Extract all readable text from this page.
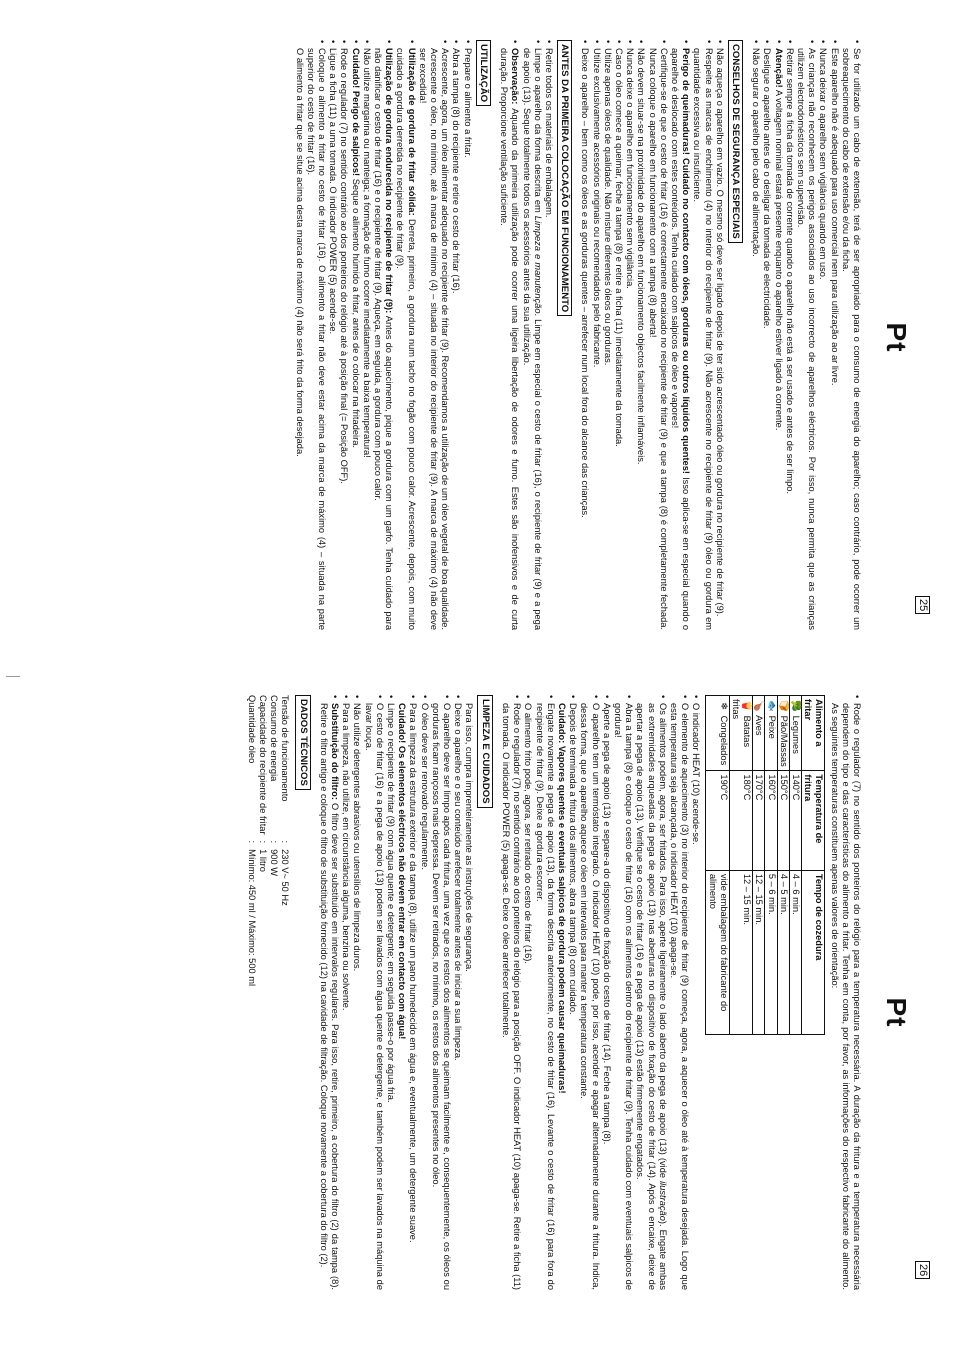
Pt
25
• Se for utilizado um cabo de extensão, terá de ser apropriado para o consumo de energia do aparelho; caso contrário, pode ocorrer um sobreaquecimento do cabo de extensão e/ou da ficha.
• Este aparelho não é adequado para uso comercial nem para utilização ao ar livre.
• Nunca deixar o aparelho sem vigilância quando em uso.
• As crianças não reconhecem os perigos associados ao uso incorrecto de aparelhos eléctricos. Por isso, nunca permita que as crianças utilizem electrodomésticos sem supervisão.
• Retirar sempre a ficha da tomada de corrente quando o aparelho não está a ser usado e antes de ser limpo.
• Atenção! A voltagem nominal estará presente enquanto o aparelho estiver ligado à corrente.
• Desligue o aparelho antes de o desligar da tomada de electricidade.
• Não segurar o aparelho pelo cabo de alimentação.
CONSELHOS DE SEGURANÇA ESPECIAIS
• Não aqueça o aparelho em vazio. O mesmo só deve ser ligado depois de ter sido acrescentado óleo ou gordura no recipiente de fritar (9).
• Respeite as marcas de enchimento (4) no interior do recipiente de fritar (9). Não acrescente no recipiente de fritar (9) óleo ou gordura em quantidade excessiva ou insuficiente.
• Perigo de queimaduras! Cuidado no contacto com óleos, gorduras ou outros líquidos quentes! Isso aplica-se em especial quando o aparelho é deslocado com estes conteúdos. Tenha cuidado com salpicos de óleo e vapores!
• Certifique-se de que o cesto de fritar (16) é correctamente encaixado no recipiente de fritar (9) e que a tampa (8) é completamente fechada. Nunca coloque o aparelho em funcionamento com a tampa (8) aberta!
• Não devem situar-se na proximidade do aparelho em funcionamento objectos facilmente inflamáveis.
• Nunca deixe o aparelho em funcionamento sem vigilância.
• Caso o óleo comece a queimar, feche a tampa (8) e retire a ficha (11) imediatamente da tomada.
• Utilize apenas óleos de qualidade. Não misture diferentes óleos ou gorduras.
• Utilize exclusivamente acessórios originais ou recomendados pelo fabricante.
• Deixe o aparelho – bem como os óleos e as gorduras quentes – arrefecer num local fora do alcance das crianças.
ANTES DA PRIMEIRA COLOCAÇÃO EM FUNCIONAMENTO
• Retire todos os materiais de embalagem.
• Limpe o aparelho da forma descrita em Limpeza e manutenção. Limpe em especial o cesto de fritar (16), o recipiente de fritar (9) e a pega de apoio (13). Seque totalmente todos os acessórios antes da sua utilização.
• Observação: Aquando da primeira utilização pode ocorrer uma ligeira libertação de odores e fumo. Estes são inofensivos e de curta duração. Proporcione ventilação suficiente.
UTILIZAÇÃO
• Prepare o alimento a fritar.
• Abra a tampa (8) do recipiente e retire o cesto de fritar (16).
• Acrescente, agora, um óleo alimentar adequado no recipiente de fritar (9). Recomendamos a utilização de um óleo vegetal de boa qualidade. Acrescente o óleo, no mínimo, até à marca de mínimo (4) – situada no interior do recipiente de fritar (9). A marca de máximo (4) não deve ser excedida!
• Utilização de gordura de fritar sólida: Derreta, primeiro, a gordura num tacho no fogão com pouco calor. Acrescente, depois, com muito cuidado a gordura derretida no recipiente de fritar (9).
• Utilização de gordura endurecida no recipiente de fritar (9): Antes do aquecimento, pique a gordura com um garfo. Tenha cuidado para não danificar o cesto de fritar (16) e o recipiente de fritar (9). Aqueça, em seguida, a gordura com pouco calor.
• Não utilize margarina ou manteiga; a formação de fumo ocorre imediatamente a baixa temperatura!
• Cuidado! Perigo de salpicos! Seque o alimento húmido a fritar, antes de o colocar na fritadeira.
• Rode o regulador (7) no sentido contrário ao dos ponteiros do relógio até à posição final (= Posição OFF).
• Ligue a ficha (11) a uma tomada. O indicador POWER (5) acende-se.
• Coloque o alimento a fritar no cesto de fritar (16). O alimento a fritar não deve estar acima da marca de máximo (4) – situada na parte superior do cesto de fritar (16).
O alimento a fritar que se situe acima desta marca de máximo (4) não será frito da forma desejada.
Pt
26
• Rode o regulador (7) no sentido dos ponteiros do relógio para a temperatura necessária. A duração da fritura e a temperatura necessária dependem do tipo e das características do alimento a fritar. Tenha em conta, por favor, as informações do respectivo fabricante do alimento. As seguintes temperaturas constituem apenas valores de orientação:
Alimento a fritar	Temperatura de fritura	Tempo de cozedura
🥦 Legumes	140°C	4 – 6 min.
🍞 Pão/Massas	150°C	4 – 5 min.
🐟 Peixe	160°C	5 – 6 min.
🍗 Aves	170°C	12 – 15 min.
🍟 Batatas fritas	180°C	12 – 15 min.
❄ Congelados	190°C	vide embalagem do fabricante do alimento
• O indicador HEAT (10) acende-se.
• O elemento de aquecimento (3) no interior do recipiente de fritar (9) começa, agora, a aquecer o óleo até à temperatura desejada. Logo que esta temperatura seja alcançada, o indicador HEAT (10) apaga-se.
• Os alimentos podem, agora, ser fritados. Para isso, aperte ligeiramente o lado aberto da pega de apoio (13) (vide ilustração). Engate ambas as extremidades arqueadas da pega de apoio (13) nas aberturas no dispositivo de fixação do cesto de fritar (14). Após o encaixe, deixe de apertar a pega de apoio (13). Verifique se o cesto de fritar (16) e a pega de apoio (13) estão firmemente engatados.
• Abra a tampa (8) e coloque o cesto de fritar (16) com os alimentos dentro do recipiente de fritar (9). Tenha cuidado com eventuais salpicos de gordura!
• Aperte a pega de apoio (13) e separe-a do dispositivo de fixação do cesto de fritar (14). Feche a tampa (8).
• O aparelho tem um termóstato integrado. O indicador HEAT (10) pode, por isso, acender e apagar alternadamente durante a fritura. Indica, dessa forma, que o aparelho aquece o óleo em intervalos para manter a temperatura constante.
• Depois de terminada a fritura dos alimentos, abra a tampa (8) com cuidado.
Cuidado: Vapores quentes e eventuais salpicos de gordura podem causar queimaduras!
• Engate novamente a pega de apoio (13), da forma descrita anteriormente, no cesto de fritar (16). Levante o cesto de fritar (16) para fora do recipiente de fritar (9). Deixe a gordura escorrer.
• O alimento frito pode, agora, ser retirado do cesto de fritar (16).
• Rode o regulador (7) no sentido contrário ao dos ponteiros do relógio para a posição OFF. O indicador HEAT (10) apaga-se. Retire a ficha (11) da tomada. O indicador POWER (5) apaga-se. Deixe o óleo arrefecer totalmente.
LIMPEZA E CUIDADOS
Para isso, cumpra imprenteiramente as instruções de segurança.
• Deixe o aparelho e o seu conteúdo arrefecer totalmente antes de iniciar a sua limpeza.
• O aparelho deve ser limpo após cada fritura, uma vez que os restos dos alimentos se queimam facilmente e, consequentemente, os óleos ou gorduras ficam rançosos mais depressa. Devem ser retirados, no mínimo, os restos dos alimentos presentes no óleo.
• O óleo deve ser renovado regularmente.
• Para a limpeza da estrutura exterior e da tampa (8), utilize um pano humedecido em água e, eventualmente, um detergente suave.
Cuidado! Os elementos eléctricos não devem entrar em contacto com água!
• Limpe o recipiente de fritar (9) com água quente e detergente; em seguida passe-o por água fria.
• O cesto de fritar (16) e a pega de apoio (13) podem ser lavados com água quente e detergente, e também podem ser lavados na máquina de lavar louça.
• Não utilize detergentes abrasivos ou utensílios de limpeza duros.
• Para a limpeza, não utilize, em circunstância alguma, benzina ou solvente.
• Substituição do filtro: O filtro deve ser substituído em intervalos regulares. Para isso, retire, primeiro, a cobertura do filtro (2) da tampa (8). Retire o filtro antigo e coloque o filtro de substituição fornecido (12) na cavidade de filtração. Coloque novamente a cobertura do filtro (2).
DADOS TÉCNICOS
Tensão de funcionamento	:	230 V~ 50 Hz
Consumo de energia	:	900 W
Capacidade do recipiente de fritar	:	1 litro
Quantidade óleo	:	Mínimo: 450 ml / Máximo: 500 ml
